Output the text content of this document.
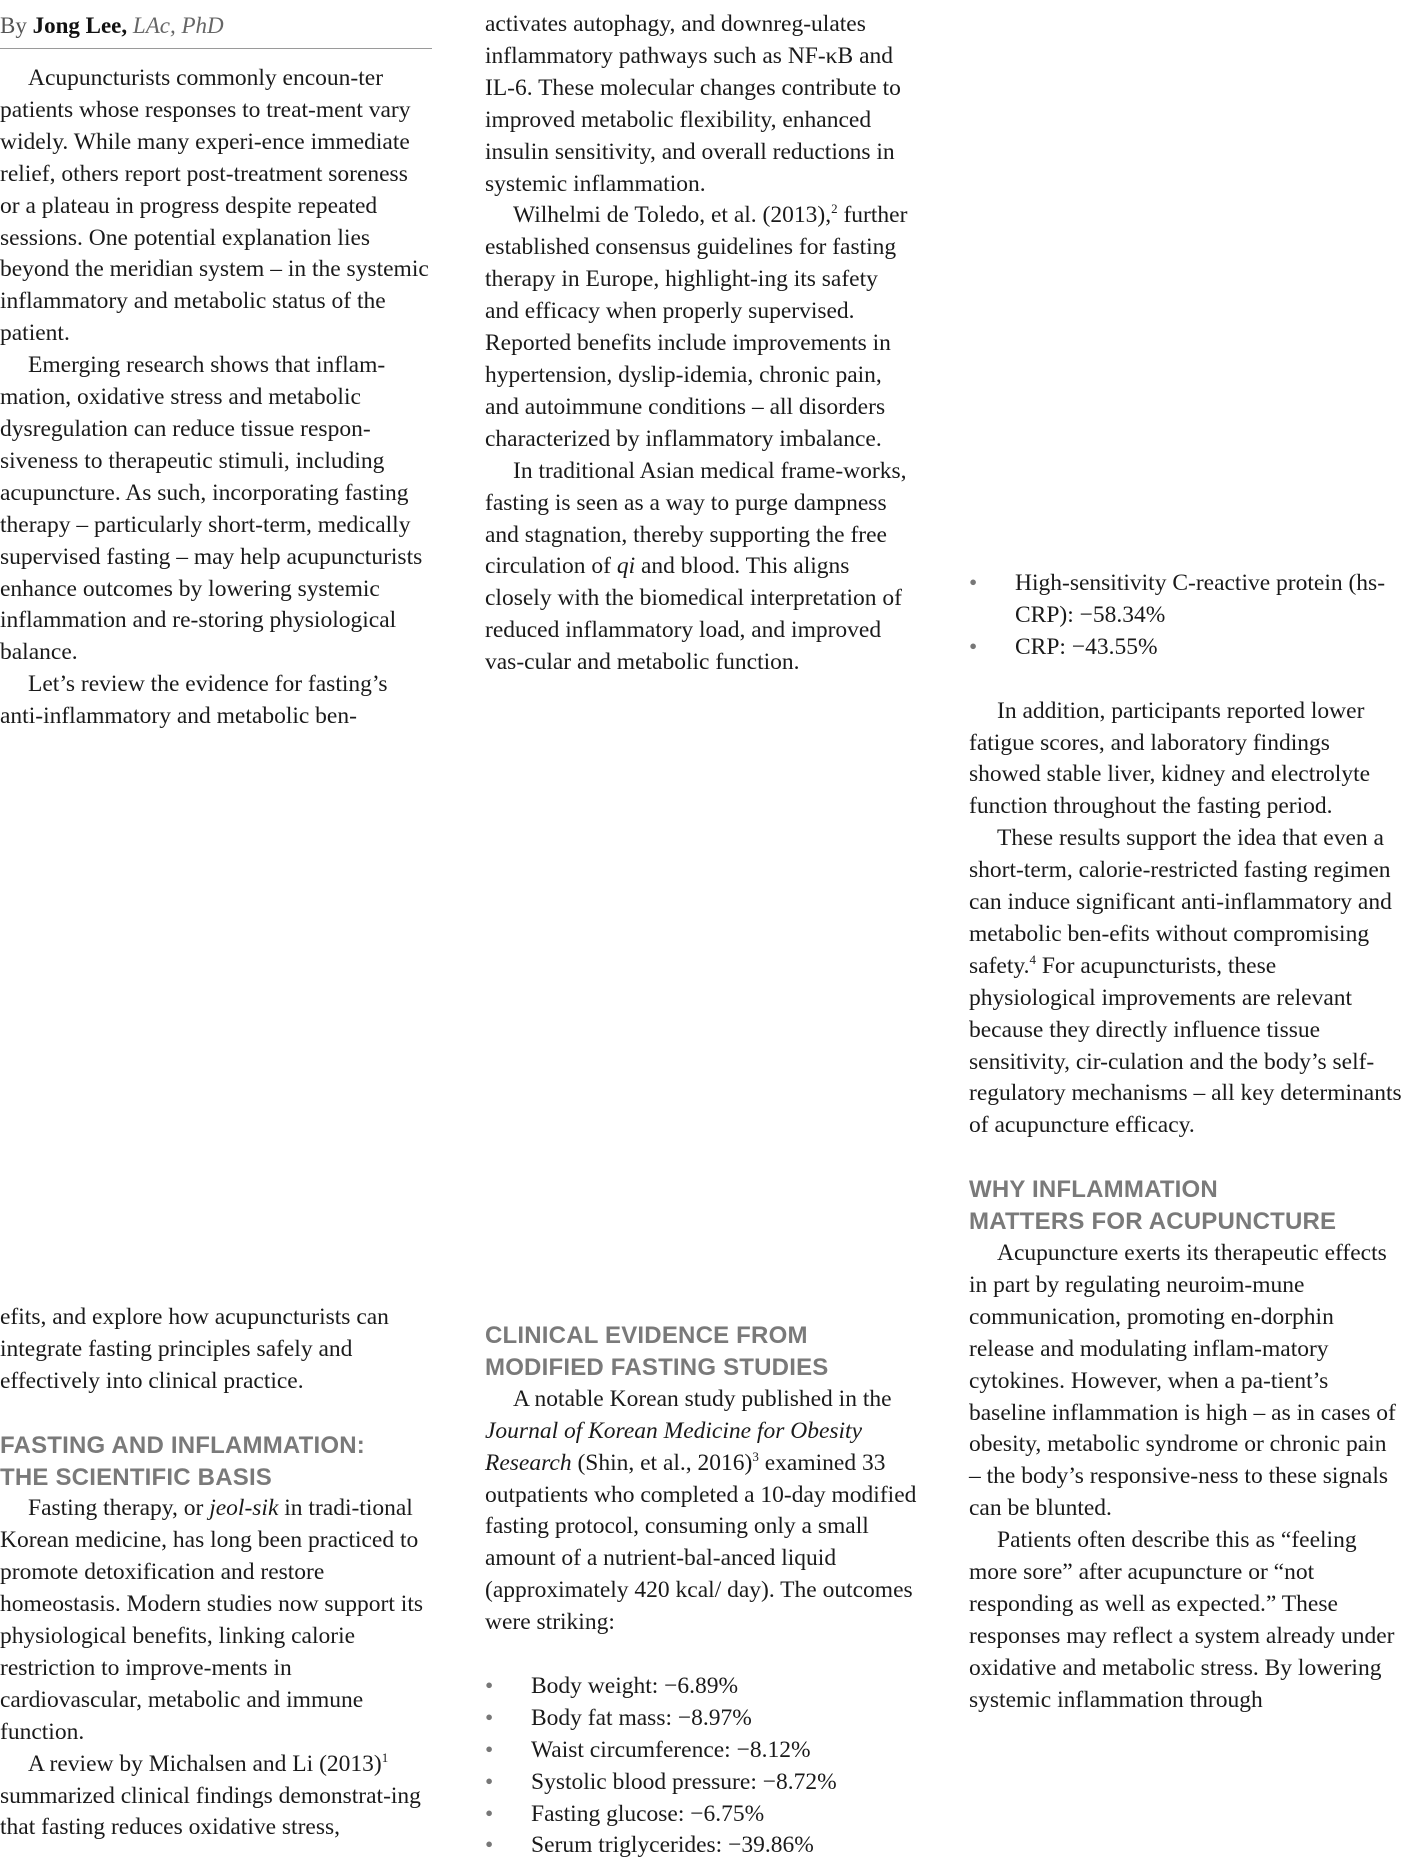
By Jong Lee, LAc, PhD

Acupuncturists commonly encoun-ter patients whose responses to treat-ment vary widely. While many experi-ence immediate relief, others report post-treatment soreness or a plateau in progress despite repeated sessions. One potential explanation lies beyond the meridian system – in the systemic inflammatory and metabolic status of the patient.

Emerging research shows that inflam-mation, oxidative stress and metabolic dysregulation can reduce tissue respon-siveness to therapeutic stimuli, including acupuncture. As such, incorporating fasting therapy – particularly short-term, medically supervised fasting – may help acupuncturists enhance outcomes by lowering systemic inflammation and re-storing physiological balance.

Let’s review the evidence for fasting’s anti-inflammatory and metabolic ben-

efits, and explore how acupuncturists can integrate fasting principles safely and effectively into clinical practice.

FASTING AND INFLAMMATION:
THE SCIENTIFIC BASIS

Fasting therapy, or jeol-sik in tradi-tional Korean medicine, has long been practiced to promote detoxification and restore homeostasis. Modern studies now support its physiological benefits, linking calorie restriction to improve-ments in cardiovascular, metabolic and immune function.

A review by Michalsen and Li $(2013)^1$ summarized clinical findings demonstrat-ing that fasting reduces oxidative stress,

activates autophagy, and downreg-ulates inflammatory pathways such as NF-κB and IL-6. These molecular changes contribute to improved metabolic flexibility, enhanced insulin sensitivity, and overall reductions in systemic inflammation.

Wilhelmi de Toledo, et al. (2013),$^2$ further established consensus guidelines for fasting therapy in Europe, highlight-ing its safety and efficacy when properly supervised. Reported benefits include improvements in hypertension, dyslip-idemia, chronic pain, and autoimmune conditions – all disorders characterized by inflammatory imbalance.

In traditional Asian medical frame-works, fasting is seen as a way to purge dampness and stagnation, thereby supporting the free circulation of qi and blood. This aligns closely with the biomedical interpretation of reduced inflammatory load, and improved vas-cular and metabolic function.

CLINICAL EVIDENCE FROM
MODIFIED FASTING STUDIES

A notable Korean study published in the Journal of Korean Medicine for Obesity Research (Shin, et al., 2016)$^3$ examined 33 outpatients who completed a 10-day modified fasting protocol, consuming only a small amount of a nutrient-bal-anced liquid (approximately 420 kcal/ day). The outcomes were striking:

• Body weight: −6.89%
• Body fat mass: −8.97%
• Waist circumference: −8.12%
• Systolic blood pressure: −8.72%
• Fasting glucose: −6.75%
• Serum triglycerides: −39.86%
• High-sensitivity C-reactive protein (hs-CRP): −58.34%
• CRP: −43.55%

In addition, participants reported lower fatigue scores, and laboratory findings showed stable liver, kidney and electrolyte function throughout the fasting period.

These results support the idea that even a short-term, calorie-restricted fasting regimen can induce significant anti-inflammatory and metabolic ben-efits without compromising safety.$^4$ For acupuncturists, these physiological improvements are relevant because they directly influence tissue sensitivity, cir-culation and the body’s self-regulatory mechanisms – all key determinants of acupuncture efficacy.

WHY INFLAMMATION
MATTERS FOR ACUPUNCTURE

Acupuncture exerts its therapeutic effects in part by regulating neuroim-mune communication, promoting en-dorphin release and modulating inflam-matory cytokines. However, when a pa-tient’s baseline inflammation is high – as in cases of obesity, metabolic syndrome or chronic pain – the body’s responsive-ness to these signals can be blunted.

Patients often describe this as “feeling more sore” after acupuncture or “not responding as well as expected.” These responses may reflect a system already under oxidative and metabolic stress. By lowering systemic inflammation through
